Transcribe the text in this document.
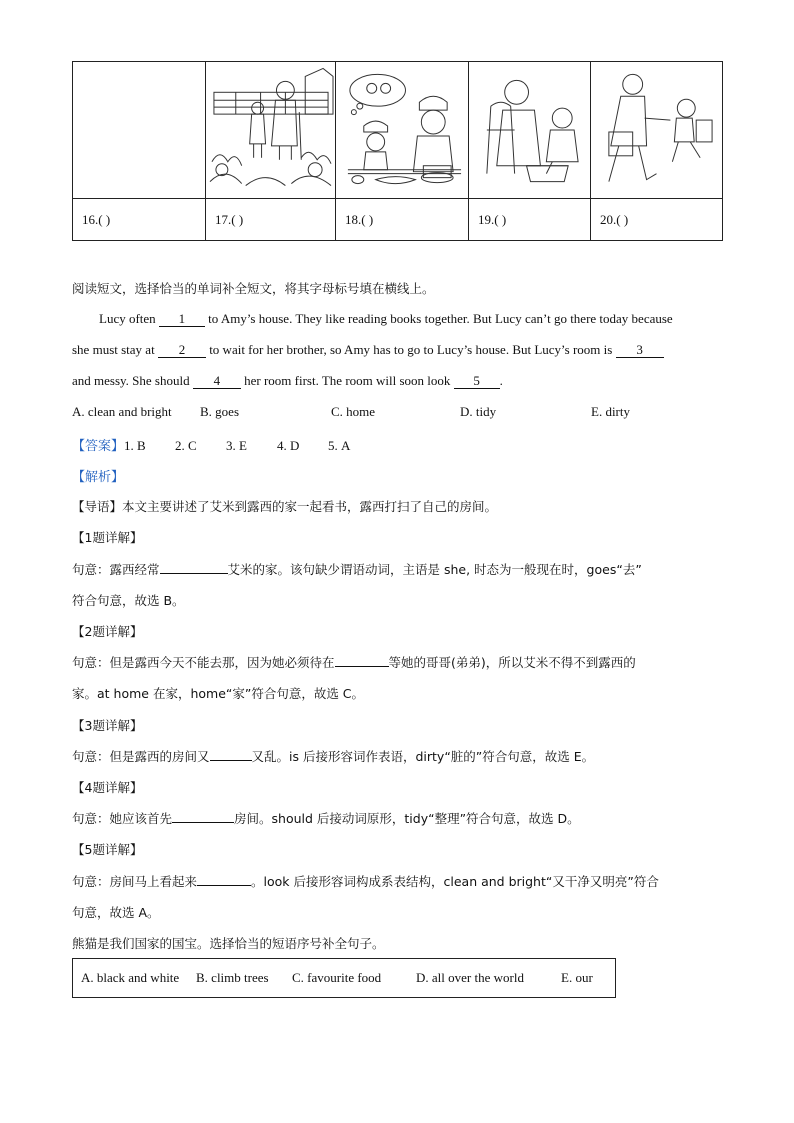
16.( )	17.( )	18.( )	19.( )	20.( )
阅读短文，选择恰当的单词补全短文，将其字母标号填在横线上。
Lucy often 1 to Amy’s house. They like reading books together. But Lucy can’t go there today because
she must stay at 2 to wait for her brother, so Amy has to go to Lucy’s house. But Lucy’s room is 3
and messy. She should 4 her room first. The room will soon look 5 .
A. clean and bright B. goes	C. home	D. tidy	E. dirty
【答案】1. B 2. C 3. E 4. D 5. A
【解析】
【导语】本文主要讲述了艾米到露西的家一起看书，露西打扫了自己的房间。
【1题详解】
句意：露西经常	艾米的家。该句缺少谓语动词，主语是 she, 时态为一般现在时，goes“去”
符合句意，故选 B。
【2题详解】
句意：但是露西今天不能去那，因为她必须待在	等她的哥哥(弟弟)，所以艾米不得不到露西的
家。at home 在家，home“家”符合句意，故选 C。
【3题详解】
句意：但是露西的房间又	又乱。is 后接形容词作表语，dirty“脏的”符合句意，故选 E。
【4题详解】
句意：她应该首先	房间。should 后接动词原形，tidy“整理”符合句意，故选 D。
【5题详解】
句意：房间马上看起来	。look 后接形容词构成系表结构，clean and bright“又干净又明亮”符合
句意，故选 A。
熊猫是我们国家的国宝。选择恰当的短语序号补全句子。
A. black and white	B. climb trees	C. favourite food	D. all over the world	E. our
